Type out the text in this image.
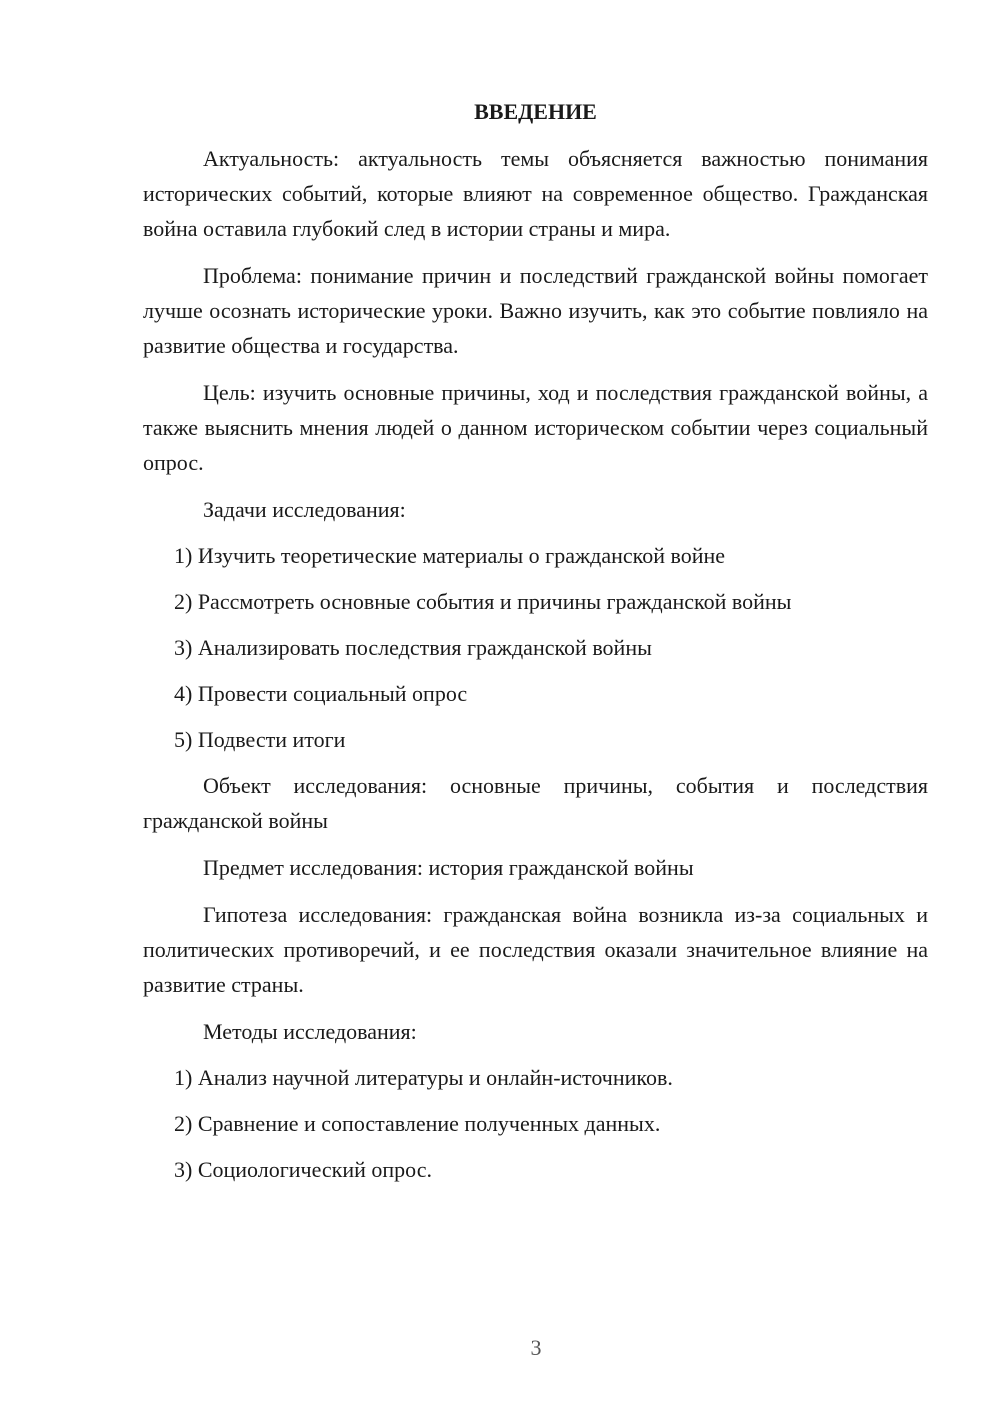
ВВЕДЕНИЕ

Актуальность: актуальность темы объясняется важностью понимания исторических событий, которые влияют на современное общество. Гражданская война оставила глубокий след в истории страны и мира.

Проблема: понимание причин и последствий гражданской войны помогает лучше осознать исторические уроки. Важно изучить, как это событие повлияло на развитие общества и государства.

Цель: изучить основные причины, ход и последствия гражданской войны, а также выяснить мнения людей о данном историческом событии через социальный опрос.

Задачи исследования:

1) Изучить теоретические материалы о гражданской войне
2) Рассмотреть основные события и причины гражданской войны
3) Анализировать последствия гражданской войны
4) Провести социальный опрос
5) Подвести итоги

Объект исследования: основные причины, события и последствия гражданской войны

Предмет исследования: история гражданской войны

Гипотеза исследования: гражданская война возникла из-за социальных и политических противоречий, и ее последствия оказали значительное влияние на развитие страны.

Методы исследования:

1) Анализ научной литературы и онлайн-источников.
2) Сравнение и сопоставление полученных данных.
3) Социологический опрос.
3
